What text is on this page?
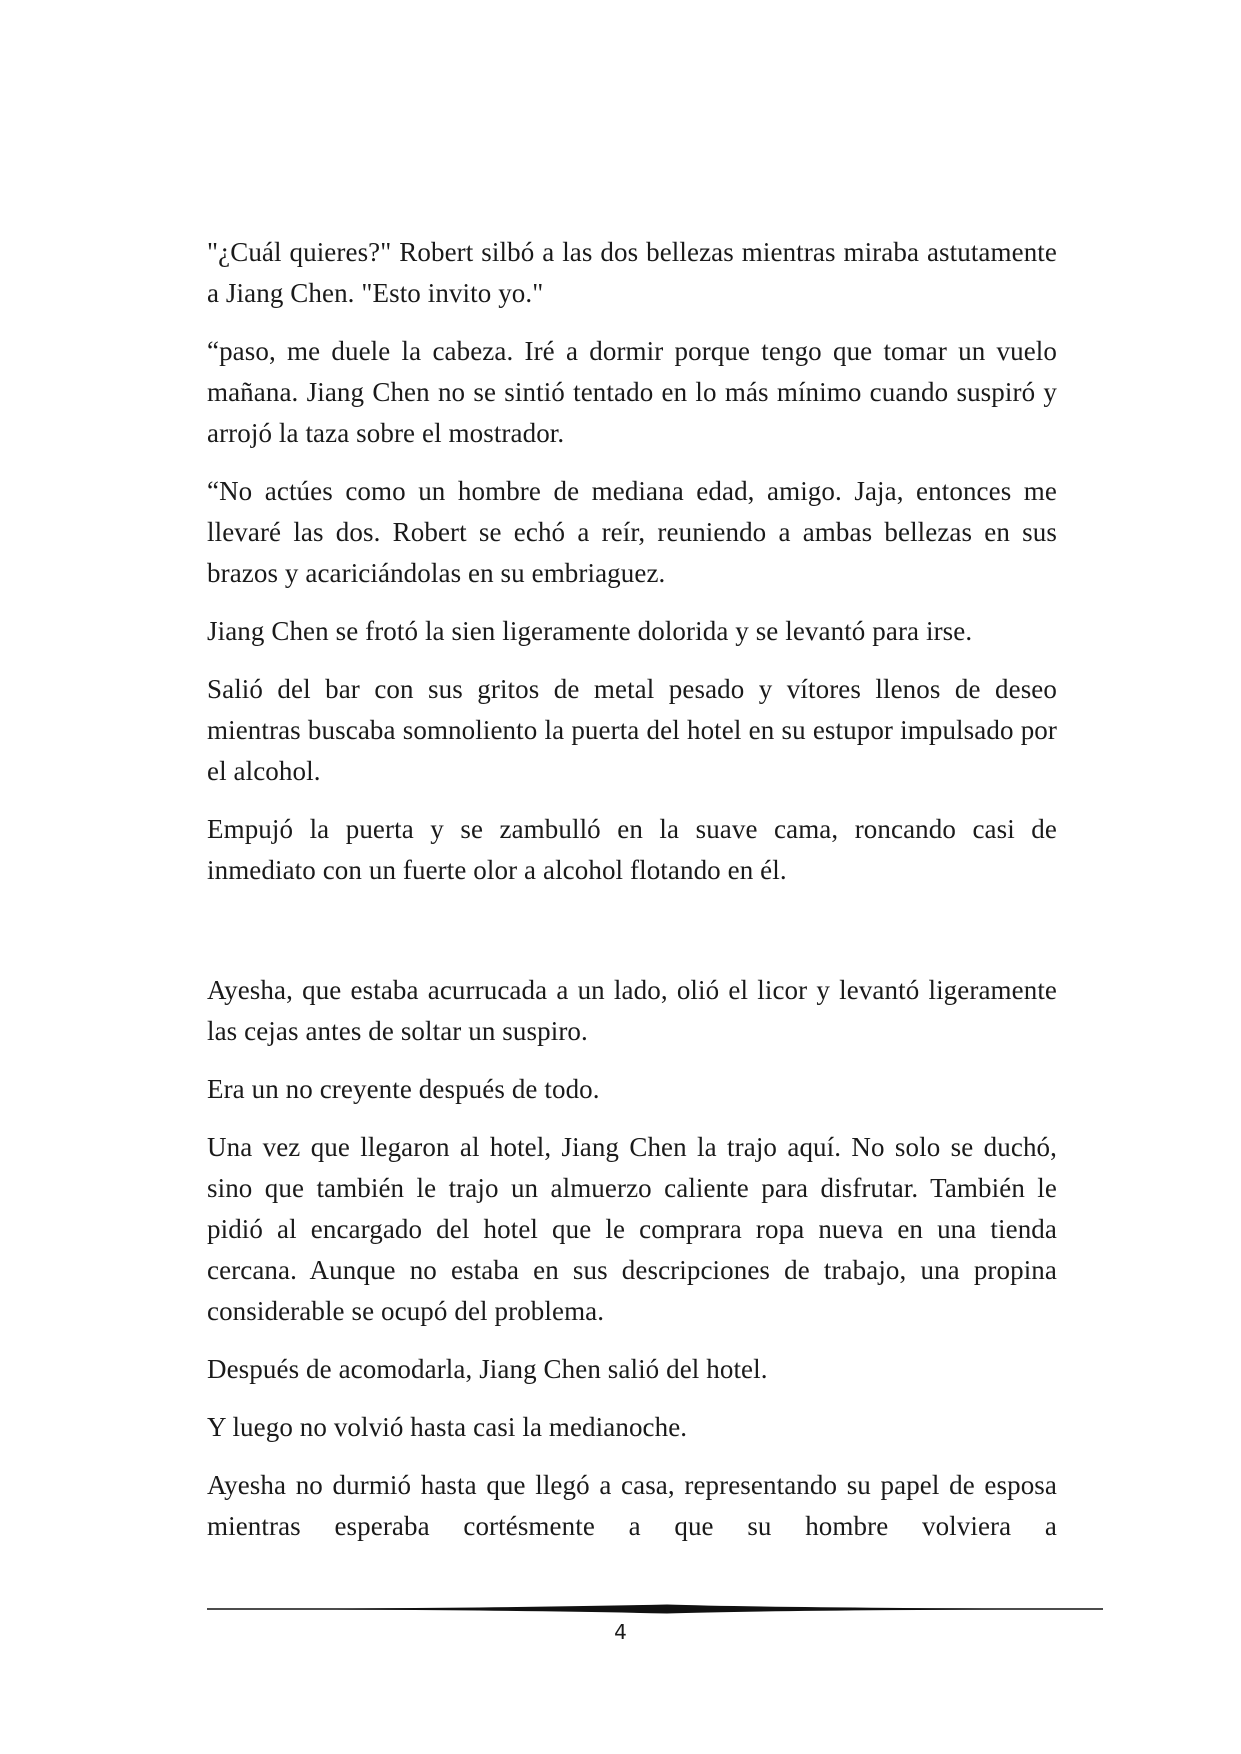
"¿Cuál quieres?" Robert silbó a las dos bellezas mientras miraba astutamente a Jiang Chen. "Esto invito yo."

“paso, me duele la cabeza. Iré a dormir porque tengo que tomar un vuelo mañana. Jiang Chen no se sintió tentado en lo más mínimo cuando suspiró y arrojó la taza sobre el mostrador.

“No actúes como un hombre de mediana edad, amigo. Jaja, entonces me llevaré las dos. Robert se echó a reír, reuniendo a ambas bellezas en sus brazos y acariciándolas en su embriaguez.

Jiang Chen se frotó la sien ligeramente dolorida y se levantó para irse.

Salió del bar con sus gritos de metal pesado y vítores llenos de deseo mientras buscaba somnoliento la puerta del hotel en su estupor impulsado por el alcohol.

Empujó la puerta y se zambulló en la suave cama, roncando casi de inmediato con un fuerte olor a alcohol flotando en él.

Ayesha, que estaba acurrucada a un lado, olió el licor y levantó ligeramente las cejas antes de soltar un suspiro.

Era un no creyente después de todo.

Una vez que llegaron al hotel, Jiang Chen la trajo aquí. No solo se duchó, sino que también le trajo un almuerzo caliente para disfrutar. También le pidió al encargado del hotel que le comprara ropa nueva en una tienda cercana. Aunque no estaba en sus descripciones de trabajo, una propina considerable se ocupó del problema.

Después de acomodarla, Jiang Chen salió del hotel.

Y luego no volvió hasta casi la medianoche.

Ayesha no durmió hasta que llegó a casa, representando su papel de esposa mientras esperaba cortésmente a que su hombre volviera a

4
